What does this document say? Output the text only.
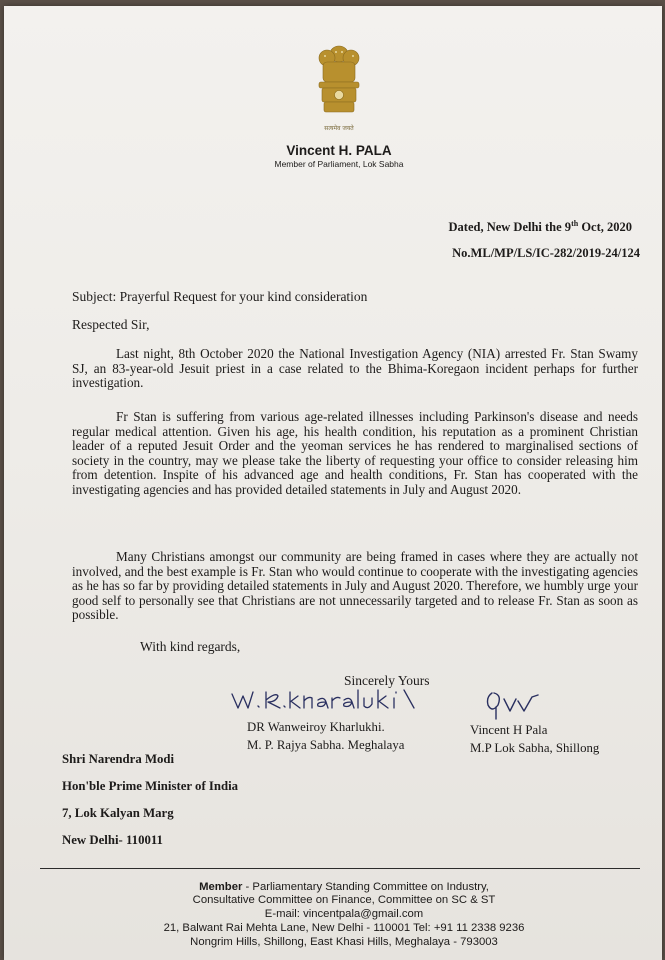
सत्यमेव जयते
Vincent H. PALA
Member of Parliament, Lok Sabha
Dated, New Delhi the 9th Oct, 2020
No.ML/MP/LS/IC-282/2019-24/124
Subject: Prayerful Request for your kind consideration
Respected Sir,

Last night, 8th October 2020 the National Investigation Agency (NIA) arrested Fr. Stan Swamy SJ, an 83-year-old Jesuit priest in a case related to the Bhima-Koregaon incident perhaps for further investigation.

Fr Stan is suffering from various age-related illnesses including Parkinson's disease and needs regular medical attention. Given his age, his health condition, his reputation as a prominent Christian leader of a reputed Jesuit Order and the yeoman services he has rendered to marginalised sections of society in the country, may we please take the liberty of requesting your office to consider releasing him from detention. Inspite of his advanced age and health conditions, Fr. Stan has cooperated with the investigating agencies and has provided detailed statements in July and August 2020.

Many Christians amongst our community are being framed in cases where they are actually not involved, and the best example is Fr. Stan who would continue to cooperate with the investigating agencies as he has so far by providing detailed statements in July and August 2020. Therefore, we humbly urge your good self to personally see that Christians are not unnecessarily targeted and to release Fr. Stan as soon as possible.

With kind regards,
Sincerely Yours
DR Wanweiroy Kharlukhi.
M. P. Rajya Sabha. Meghalaya
Vincent H Pala
M.P Lok Sabha, Shillong
Shri Narendra Modi
Hon'ble Prime Minister of India
7, Lok Kalyan Marg
New Delhi- 110011
Member - Parliamentary Standing Committee on Industry,
Consultative Committee on Finance, Committee on SC & ST
E-mail: vincentpala@gmail.com
21, Balwant Rai Mehta Lane, New Delhi - 110001 Tel: +91 11 2338 9236
Nongrim Hills, Shillong, East Khasi Hills, Meghalaya - 793003
